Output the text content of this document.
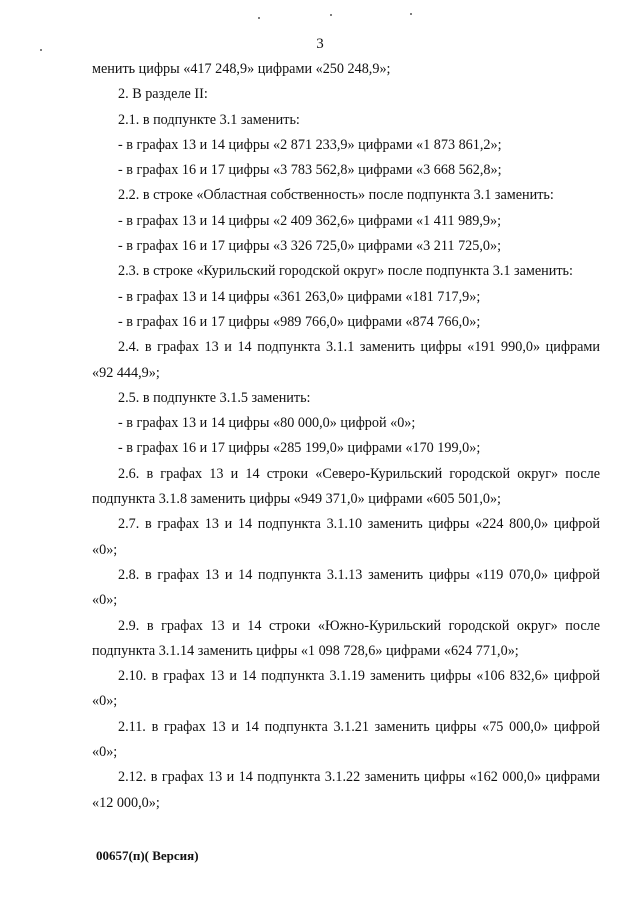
3

менить цифры «417 248,9» цифрами «250 248,9»;

2. В разделе II:

2.1. в подпункте 3.1 заменить:

- в графах 13 и 14 цифры «2 871 233,9» цифрами «1 873 861,2»;

- в графах 16 и 17 цифры «3 783 562,8» цифрами «3 668 562,8»;

2.2. в строке «Областная собственность» после подпункта 3.1 заменить:

- в графах 13 и 14 цифры «2 409 362,6» цифрами «1 411 989,9»;

- в графах 16 и 17 цифры «3 326 725,0» цифрами «3 211 725,0»;

2.3. в строке «Курильский городской округ» после подпункта 3.1 заменить:

- в графах 13 и 14 цифры «361 263,0» цифрами «181 717,9»;

- в графах 16 и 17 цифры «989 766,0» цифрами «874 766,0»;

2.4. в графах 13 и 14 подпункта 3.1.1 заменить цифры «191 990,0» цифрами «92 444,9»;

2.5. в подпункте 3.1.5 заменить:

- в графах 13 и 14 цифры «80 000,0» цифрой «0»;

- в графах 16 и 17 цифры «285 199,0» цифрами «170 199,0»;

2.6. в графах 13 и 14 строки «Северо-Курильский городской округ» после подпункта 3.1.8 заменить цифры «949 371,0» цифрами «605 501,0»;

2.7. в графах 13 и 14 подпункта 3.1.10 заменить цифры «224 800,0» цифрой «0»;

2.8. в графах 13 и 14 подпункта 3.1.13 заменить цифры «119 070,0» цифрой «0»;

2.9. в графах 13 и 14 строки «Южно-Курильский городской округ» после подпункта 3.1.14 заменить цифры «1 098 728,6» цифрами «624 771,0»;

2.10. в графах 13 и 14 подпункта 3.1.19 заменить цифры «106 832,6» цифрой «0»;

2.11. в графах 13 и 14 подпункта 3.1.21 заменить цифры «75 000,0» цифрой «0»;

2.12. в графах 13 и 14 подпункта 3.1.22 заменить цифры «162 000,0» цифрами «12 000,0»;

00657(п)( Версия)
